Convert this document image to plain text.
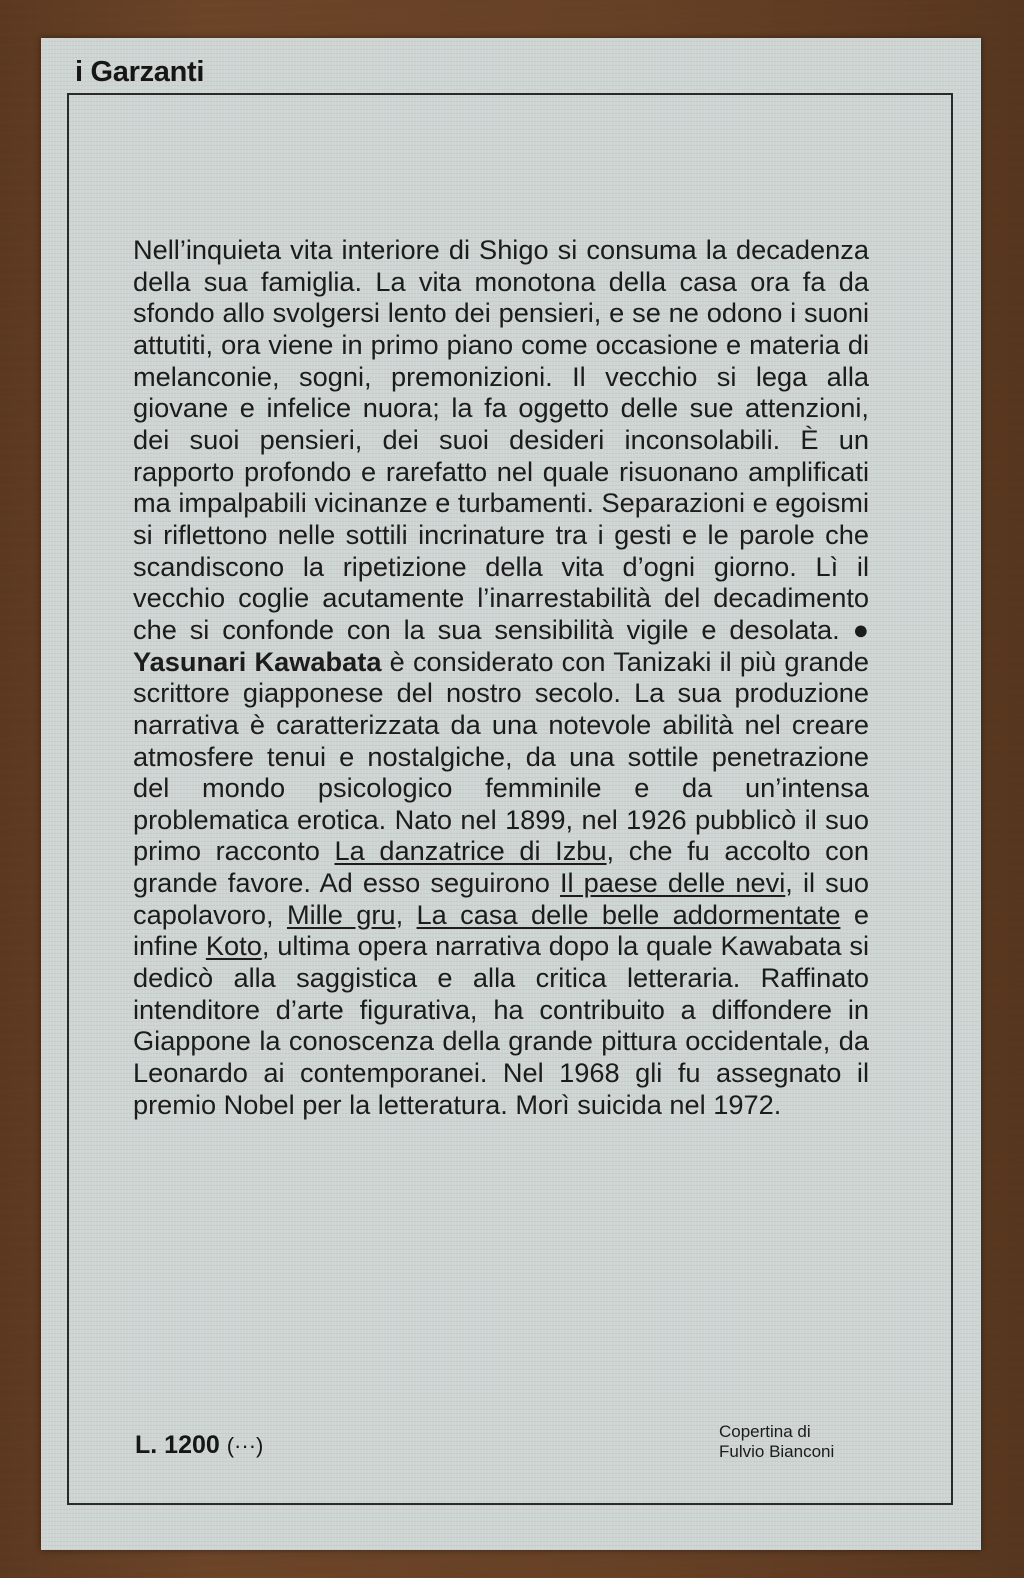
i Garzanti

Nell’inquieta vita interiore di Shigo si consuma la decadenza della sua famiglia. La vita monotona della casa ora fa da sfondo allo svolgersi lento dei pensieri, e se ne odono i suoni attutiti, ora viene in primo piano come occasione e materia di melanconie, sogni, premonizioni. Il vecchio si lega alla giovane e infelice nuora; la fa oggetto delle sue attenzioni, dei suoi pensieri, dei suoi desideri inconsolabili. È un rapporto profondo e rarefatto nel quale risuonano amplificati ma impalpabili vicinanze e turbamenti. Separazioni e egoismi si riflettono nelle sottili incrinature tra i gesti e le parole che scandiscono la ripetizione della vita d’ogni giorno. Lì il vecchio coglie acutamente l’inarrestabilità del decadimento che si confonde con la sua sensibilità vigile e desolata. ● Yasunari Kawabata è considerato con Tanizaki il più grande scrittore giapponese del nostro secolo. La sua produzione narrativa è caratterizzata da una notevole abilità nel creare atmosfere tenui e nostalgiche, da una sottile penetrazione del mondo psicologico femminile e da un’intensa problematica erotica. Nato nel 1899, nel 1926 pubblicò il suo primo racconto La danzatrice di Izbu, che fu accolto con grande favore. Ad esso seguirono Il paese delle nevi, il suo capolavoro, Mille gru, La casa delle belle addormentate e infine Koto, ultima opera narrativa dopo la quale Kawabata si dedicò alla saggistica e alla critica letteraria. Raffinato intenditore d’arte figurativa, ha contribuito a diffondere in Giappone la conoscenza della grande pittura occidentale, da Leonardo ai contemporanei. Nel 1968 gli fu assegnato il premio Nobel per la letteratura. Morì suicida nel 1972.

L. 1200 (···)
Copertina di
Fulvio Bianconi
